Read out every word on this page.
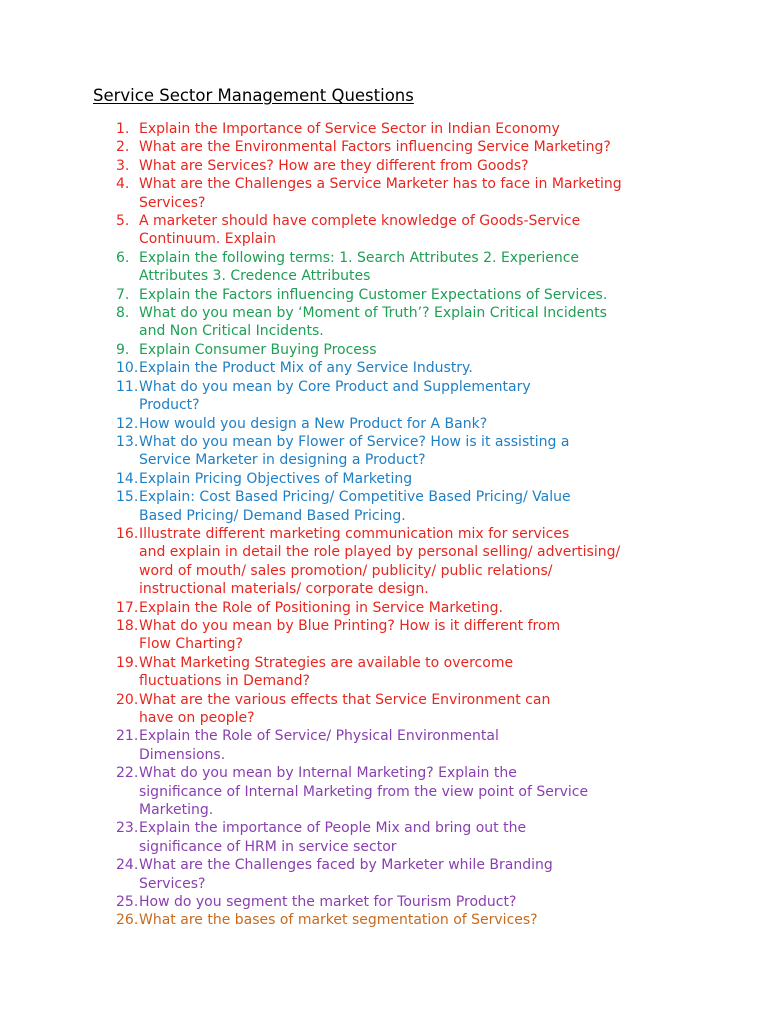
Service Sector Management Questions
1. Explain the Importance of Service Sector in Indian Economy
2. What are the Environmental Factors influencing Service Marketing?
3. What are Services? How are they different from Goods?
4. What are the Challenges a Service Marketer has to face in Marketing
Services?
5. A marketer should have complete knowledge of Goods-Service
Continuum. Explain
6. Explain the following terms: 1. Search Attributes 2. Experience
Attributes 3. Credence Attributes
7. Explain the Factors influencing Customer Expectations of Services.
8. What do you mean by ‘Moment of Truth’? Explain Critical Incidents
and Non Critical Incidents.
9. Explain Consumer Buying Process
10. Explain the Product Mix of any Service Industry.
11. What do you mean by Core Product and Supplementary
Product?
12. How would you design a New Product for A Bank?
13. What do you mean by Flower of Service? How is it assisting a
Service Marketer in designing a Product?
14. Explain Pricing Objectives of Marketing
15. Explain: Cost Based Pricing/ Competitive Based Pricing/ Value
Based Pricing/ Demand Based Pricing.
16. Illustrate different marketing communication mix for services
and explain in detail the role played by personal selling/ advertising/
word of mouth/ sales promotion/ publicity/ public relations/
instructional materials/ corporate design.
17. Explain the Role of Positioning in Service Marketing.
18. What do you mean by Blue Printing? How is it different from
Flow Charting?
19. What Marketing Strategies are available to overcome
fluctuations in Demand?
20. What are the various effects that Service Environment can
have on people?
21. Explain the Role of Service/ Physical Environmental
Dimensions.
22. What do you mean by Internal Marketing? Explain the
significance of Internal Marketing from the view point of Service
Marketing.
23. Explain the importance of People Mix and bring out the
significance of HRM in service sector
24. What are the Challenges faced by Marketer while Branding
Services?
25. How do you segment the market for Tourism Product?
26. What are the bases of market segmentation of Services?
